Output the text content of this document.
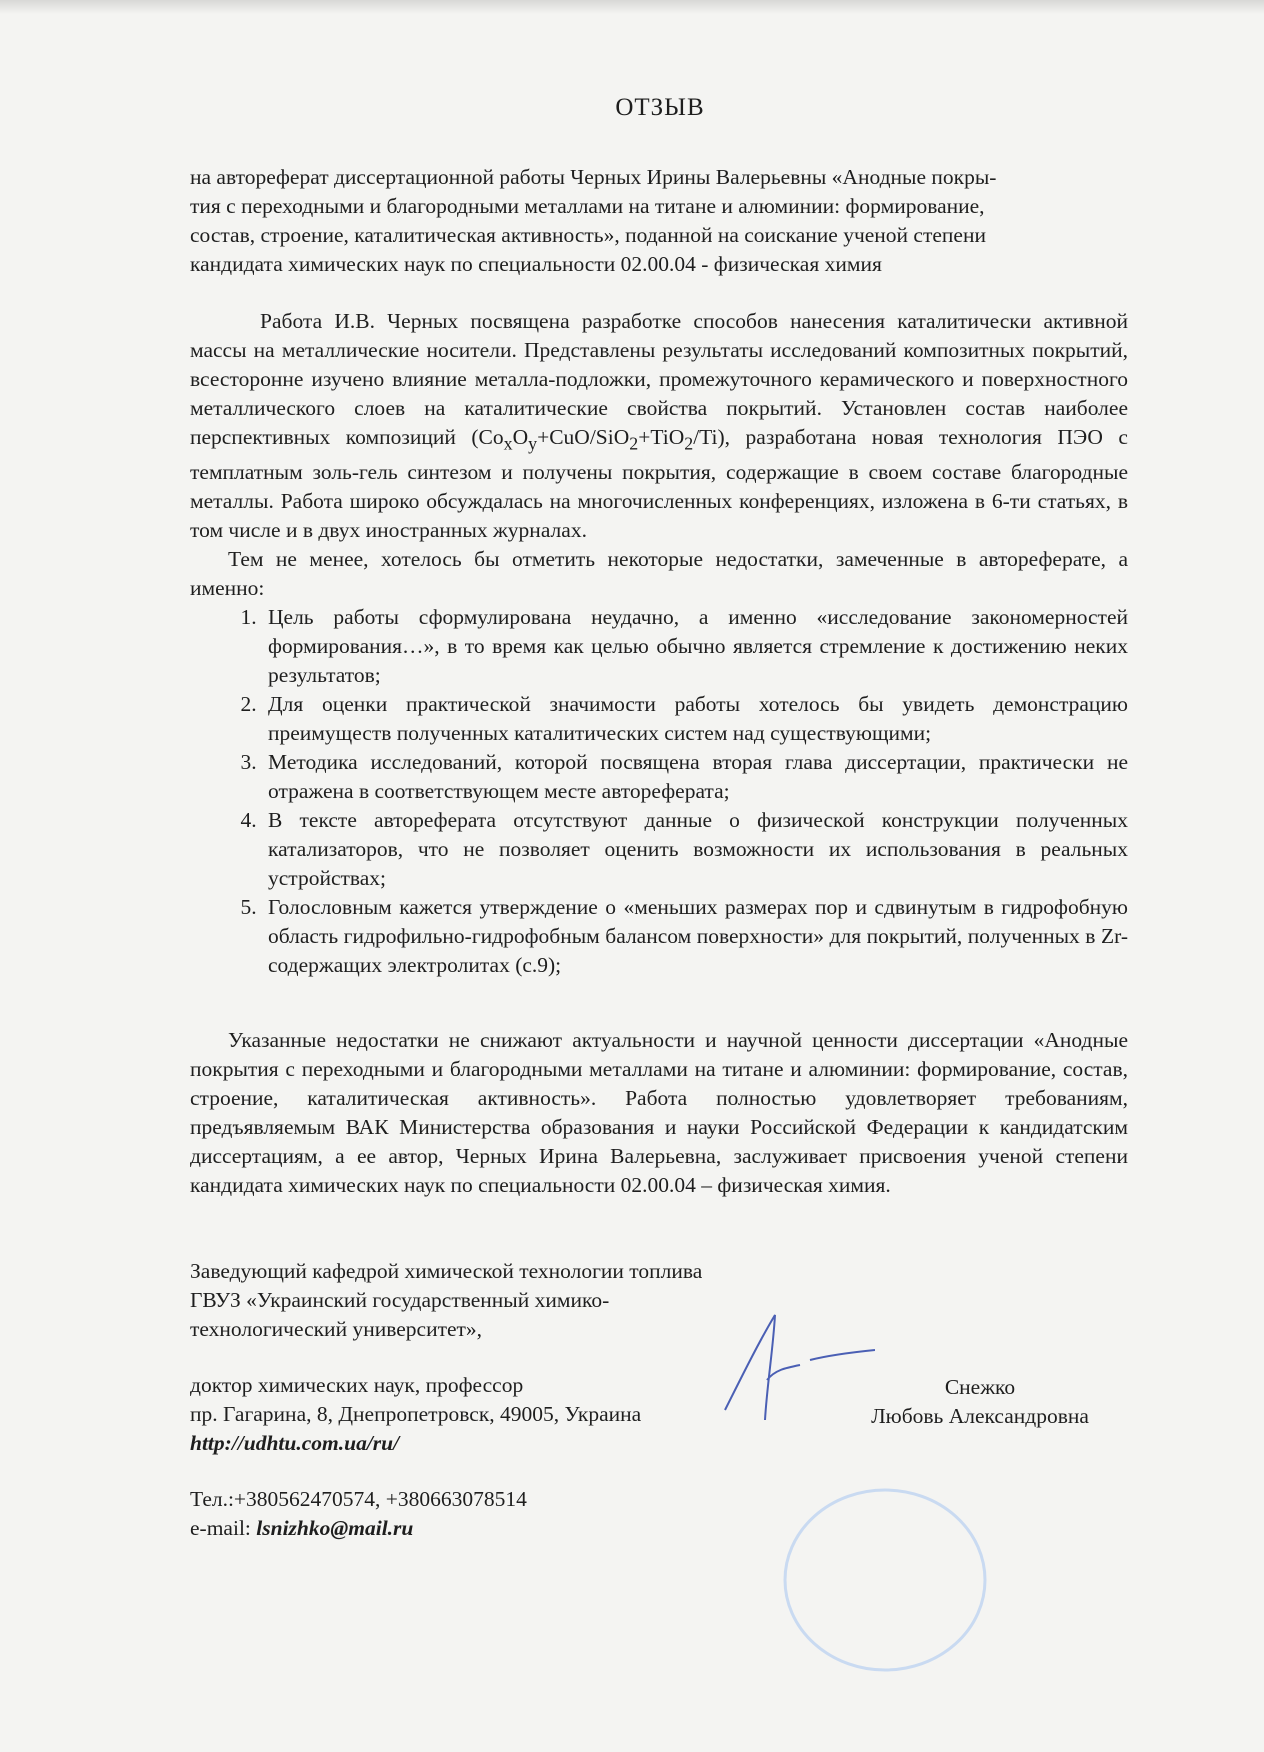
ОТЗЫВ
на автореферат диссертационной работы Черных Ирины Валерьевны «Анодные покры-
тия с переходными и благородными металлами на титане и алюминии: формирование,
состав, строение, каталитическая активность», поданной на соискание ученой степени
кандидата химических наук по специальности 02.00.04 - физическая химия

Работа И.В. Черных посвящена разработке способов нанесения каталитически активной массы на металлические носители. Представлены результаты исследований композитных покрытий, всесторонне изучено влияние металла-подложки, промежуточного керамического и поверхностного металлического слоев на каталитические свойства покрытий. Установлен состав наиболее перспективных композиций $(Co_xO_y+CuO/SiO_2+TiO_2/Ti)$, разработана новая технология ПЭО с темплатным золь-гель синтезом и получены покрытия, содержащие в своем составе благородные металлы. Работа широко обсуждалась на многочисленных конференциях, изложена в 6-ти статьях, в том числе и в двух иностранных журналах.

Тем не менее, хотелось бы отметить некоторые недостатки, замеченные в автореферате, а именно:

1. Цель работы сформулирована неудачно, а именно «исследование закономерностей формирования…», в то время как целью обычно является стремление к достижению неких результатов;
2. Для оценки практической значимости работы хотелось бы увидеть демонстрацию преимуществ полученных каталитических систем над существующими;
3. Методика исследований, которой посвящена вторая глава диссертации, практически не отражена в соответствующем месте автореферата;
4. В тексте автореферата отсутствуют данные о физической конструкции полученных катализаторов, что не позволяет оценить возможности их использования в реальных устройствах;
5. Голословным кажется утверждение о «меньших размерах пор и сдвинутым в гидрофобную область гидрофильно-гидрофобным балансом поверхности» для покрытий, полученных в Zr- содержащих электролитах (с.9);
Указанные недостатки не снижают актуальности и научной ценности диссертации «Анодные покрытия с переходными и благородными металлами на титане и алюминии: формирование, состав, строение, каталитическая активность». Работа полностью удовлетворяет требованиям, предъявляемым ВАК Министерства образования и науки Российской Федерации к кандидатским диссертациям, а ее автор, Черных Ирина Валерьевна, заслуживает присвоения ученой степени кандидата химических наук по специальности 02.00.04 – физическая химия.
Заведующий кафедрой химической технологии топлива
ГВУЗ «Украинский государственный химико-
технологический университет»,
доктор химических наук, профессор
пр. Гагарина, 8, Днепропетровск, 49005, Украина
http://udhtu.com.ua/ru/
Тел.:+380562470574, +380663078514
e-mail: lsnizhko@mail.ru
Снежко
Любовь Александровна
